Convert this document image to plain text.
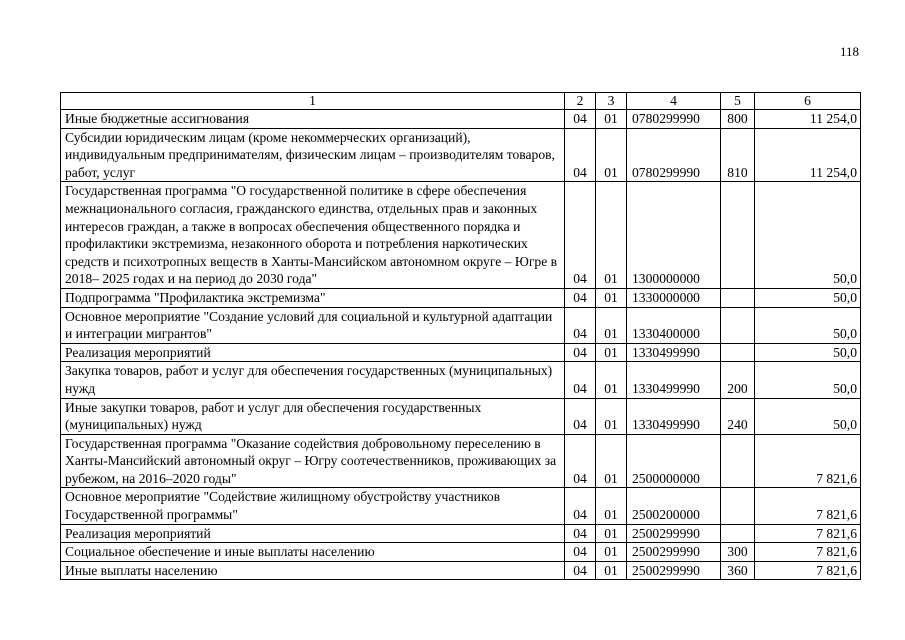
118
1	2	3	4	5	6
Иные бюджетные ассигнования	04	01	0780299990	800	11 254,0
Субсидии юридическим лицам (кроме некоммерческих организаций), индивидуальным предпринимателям, физическим лицам – производителям товаров, работ, услуг	04	01	0780299990	810	11 254,0
Государственная программа "О государственной политике в сфере обеспечения межнационального согласия, гражданского единства, отдельных прав и законных интересов граждан, а также в вопросах обеспечения общественного порядка и профилактики экстремизма, незаконного оборота и потребления наркотических средств и психотропных веществ в Ханты-Мансийском автономном округе – Югре в 2018– 2025 годах и на период до 2030 года"	04	01	1300000000		50,0
Подпрограмма "Профилактика экстремизма"	04	01	1330000000		50,0
Основное мероприятие "Создание условий для социальной и культурной адаптации и интеграции мигрантов"	04	01	1330400000		50,0
Реализация мероприятий	04	01	1330499990		50,0
Закупка товаров, работ и услуг для обеспечения государственных (муниципальных) нужд	04	01	1330499990	200	50,0
Иные закупки товаров, работ и услуг для обеспечения государственных (муниципальных) нужд	04	01	1330499990	240	50,0
Государственная программа "Оказание содействия добровольному переселению в Ханты-Мансийский автономный округ – Югру соотечественников, проживающих за рубежом, на 2016–2020 годы"	04	01	2500000000		7 821,6
Основное мероприятие "Содействие жилищному обустройству участников Государственной программы"	04	01	2500200000		7 821,6
Реализация мероприятий	04	01	2500299990		7 821,6
Социальное обеспечение и иные выплаты населению	04	01	2500299990	300	7 821,6
Иные выплаты населению	04	01	2500299990	360	7 821,6
